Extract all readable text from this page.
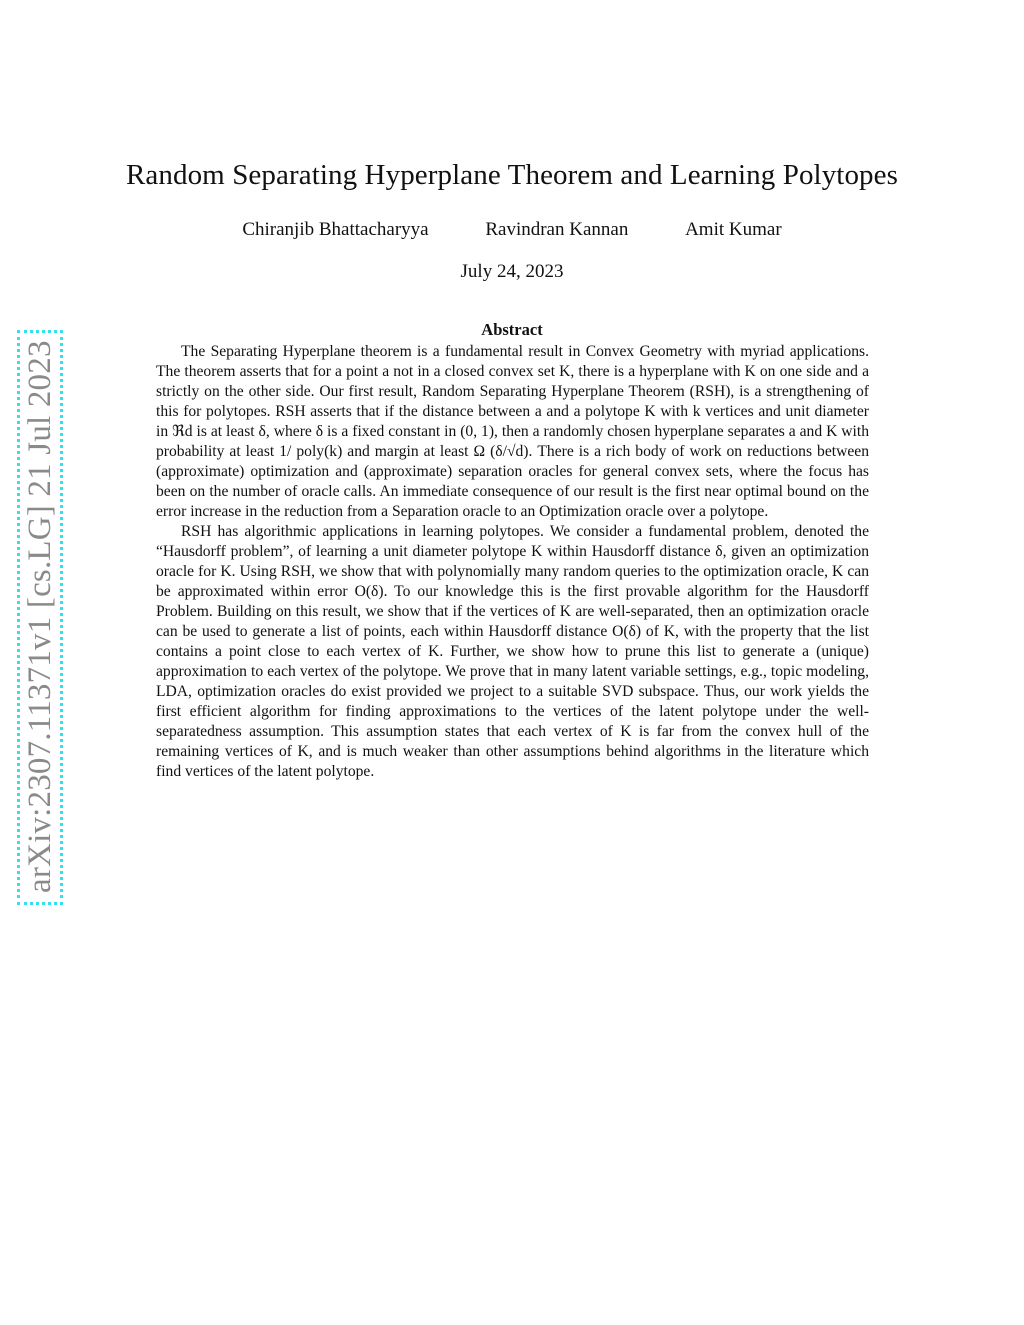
arXiv:2307.11371v1 [cs.LG] 21 Jul 2023
Random Separating Hyperplane Theorem and Learning Polytopes
Chiranjib Bhattacharyya	Ravindran Kannan	Amit Kumar
July 24, 2023
Abstract

The Separating Hyperplane theorem is a fundamental result in Convex Geometry with myriad applications. The theorem asserts that for a point a not in a closed convex set K, there is a hyperplane with K on one side and a strictly on the other side. Our first result, Random Separating Hyperplane Theorem (RSH), is a strengthening of this for polytopes. RSH asserts that if the distance between a and a polytope K with k vertices and unit diameter in ℜd is at least δ, where δ is a fixed constant in (0, 1), then a randomly chosen hyperplane separates a and K with probability at least 1/ poly(k) and margin at least Ω (δ/√d). There is a rich body of work on reductions between (approximate) optimization and (approximate) separation oracles for general convex sets, where the focus has been on the number of oracle calls. An immediate consequence of our result is the first near optimal bound on the error increase in the reduction from a Separation oracle to an Optimization oracle over a polytope.

RSH has algorithmic applications in learning polytopes. We consider a fundamental problem, denoted the “Hausdorff problem”, of learning a unit diameter polytope K within Hausdorff distance δ, given an optimization oracle for K. Using RSH, we show that with polynomially many random queries to the optimization oracle, K can be approximated within error O(δ). To our knowledge this is the first provable algorithm for the Hausdorff Problem. Building on this result, we show that if the vertices of K are well-separated, then an optimization oracle can be used to generate a list of points, each within Hausdorff distance O(δ) of K, with the property that the list contains a point close to each vertex of K. Further, we show how to prune this list to generate a (unique) approximation to each vertex of the polytope. We prove that in many latent variable settings, e.g., topic modeling, LDA, optimization oracles do exist provided we project to a suitable SVD subspace. Thus, our work yields the first efficient algorithm for finding approximations to the vertices of the latent polytope under the well-separatedness assumption. This assumption states that each vertex of K is far from the convex hull of the remaining vertices of K, and is much weaker than other assumptions behind algorithms in the literature which find vertices of the latent polytope.
